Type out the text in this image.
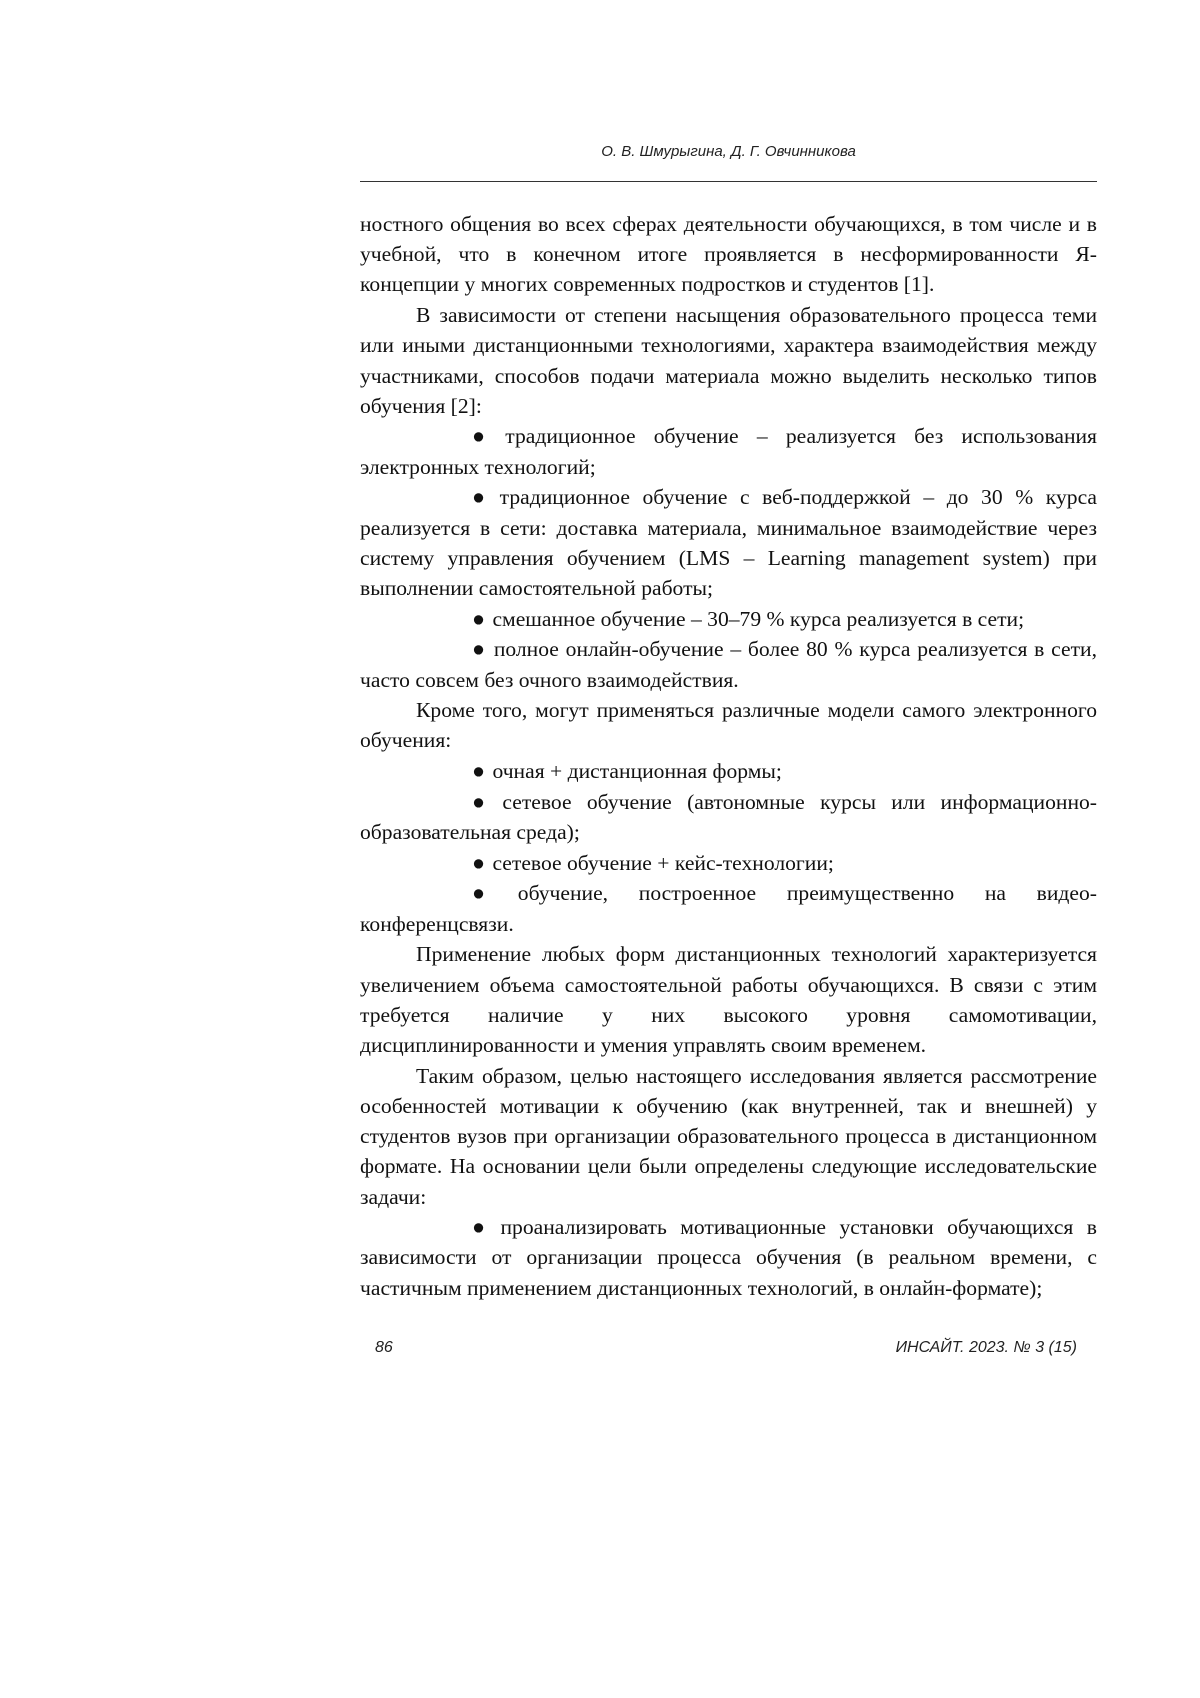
О. В. Шмурыгина, Д. Г. Овчинникова

ностного общения во всех сферах деятельности обучающихся, в том числе и в учебной, что в конечном итоге проявляется в несформированности Я-концепции у многих современных подростков и студентов [1].

В зависимости от степени насыщения образовательного процесса теми или иными дистанционными технологиями, характера взаимодействия между участниками, способов подачи материала можно выделить несколько типов обучения [2]:

● традиционное обучение – реализуется без использования электронных технологий;

● традиционное обучение с веб-поддержкой – до 30 % курса реализуется в сети: доставка материала, минимальное взаимодействие через систему управления обучением (LMS – Learning management system) при выполнении самостоятельной работы;

● смешанное обучение – 30–79 % курса реализуется в сети;

● полное онлайн-обучение – более 80 % курса реализуется в сети, часто совсем без очного взаимодействия.

Кроме того, могут применяться различные модели самого электронного обучения:

● очная + дистанционная формы;

● сетевое обучение (автономные курсы или информационно-образовательная среда);

● сетевое обучение + кейс-технологии;

● обучение, построенное преимущественно на видео-конференцсвязи.

Применение любых форм дистанционных технологий характеризуется увеличением объема самостоятельной работы обучающихся. В связи с этим требуется наличие у них высокого уровня самомотивации, дисциплинированности и умения управлять своим временем.

Таким образом, целью настоящего исследования является рассмотрение особенностей мотивации к обучению (как внутренней, так и внешней) у студентов вузов при организации образовательного процесса в дистанционном формате. На основании цели были определены следующие исследовательские задачи:

● проанализировать мотивационные установки обучающихся в зависимости от организации процесса обучения (в реальном времени, с частичным применением дистанционных технологий, в онлайн-формате);

86	ИНСАЙТ. 2023. № 3 (15)
